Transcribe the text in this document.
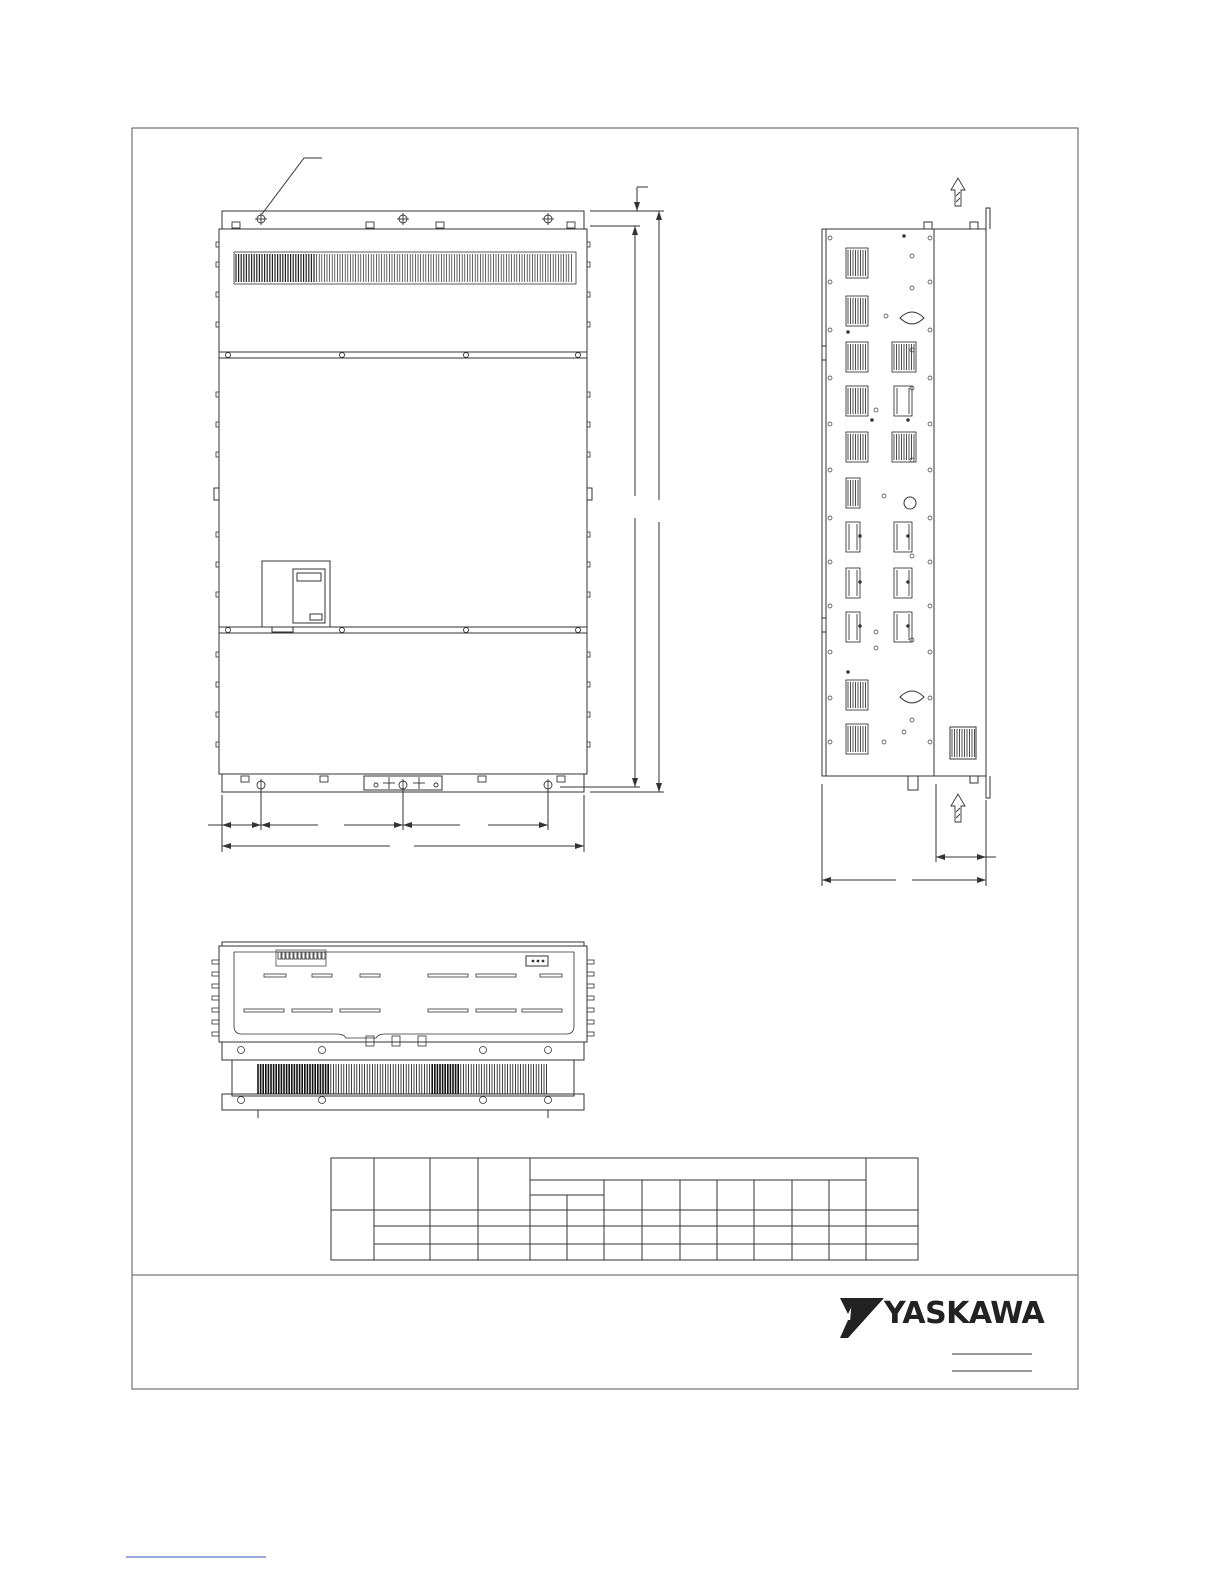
YASKAWA
